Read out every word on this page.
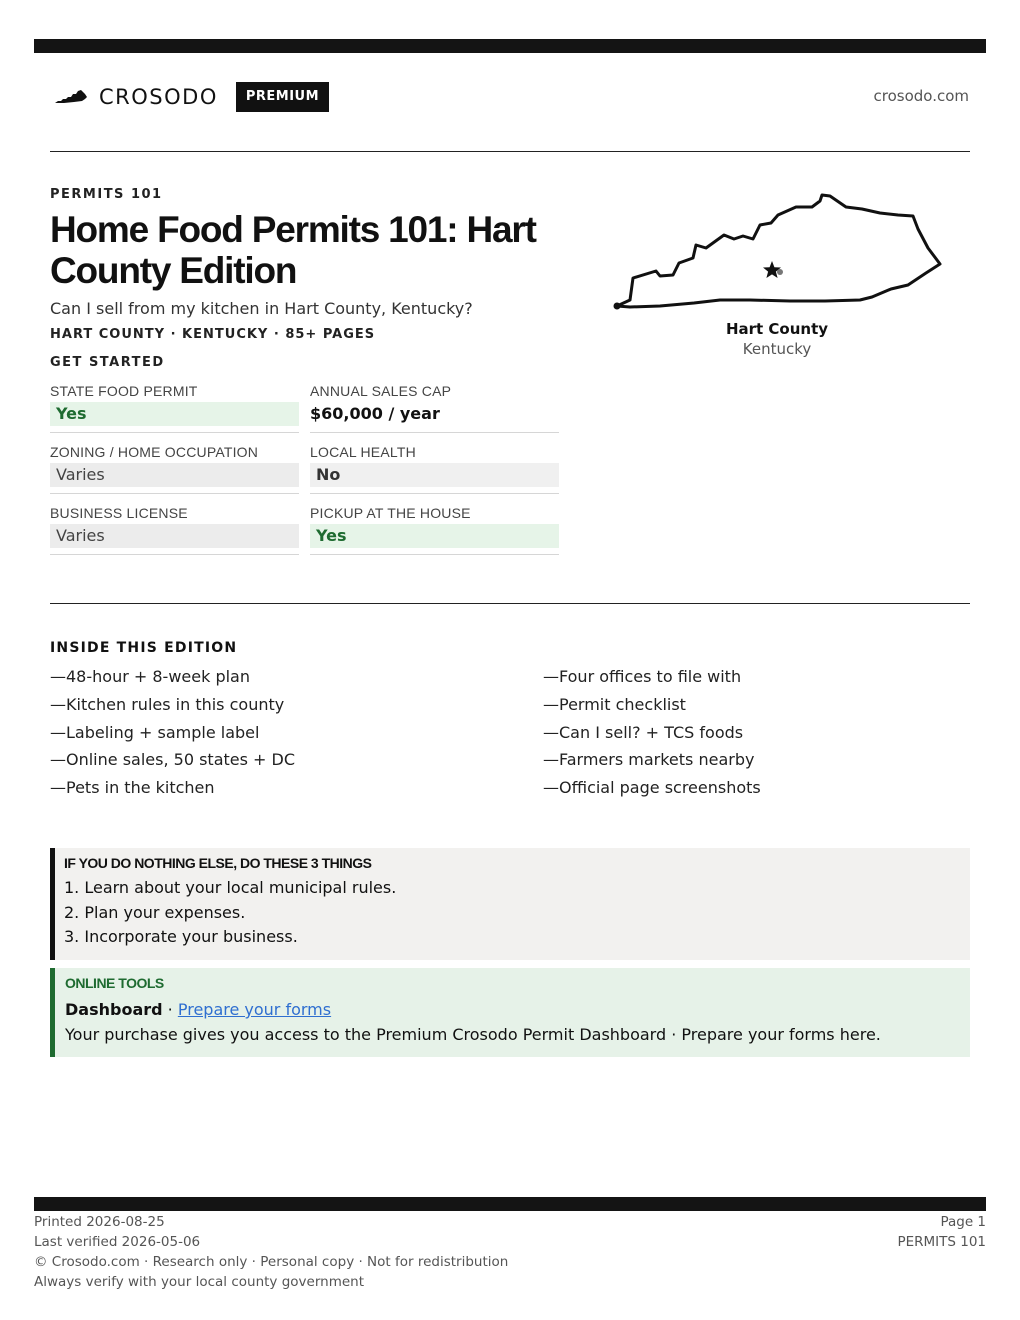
CROSODO	PREMIUM	crosodo.com
PERMITS 101
Home Food Permits 101: Hart County Edition
Can I sell from my kitchen in Hart County, Kentucky?
HART COUNTY · KENTUCKY · 85+ PAGES
GET STARTED
STATE FOOD PERMIT
Yes
ANNUAL SALES CAP
$60,000 / year
ZONING / HOME OCCUPATION
Varies
LOCAL HEALTH
No
BUSINESS LICENSE
Varies
PICKUP AT THE HOUSE
Yes
Hart County
Kentucky
INSIDE THIS EDITION
—48-hour + 8-week plan
—Kitchen rules in this county
—Labeling + sample label
—Online sales, 50 states + DC
—Pets in the kitchen
—Four offices to file with
—Permit checklist
—Can I sell? + TCS foods
—Farmers markets nearby
—Official page screenshots
IF YOU DO NOTHING ELSE, DO THESE 3 THINGS
1. Learn about your local municipal rules.
2. Plan your expenses.
3. Incorporate your business.
ONLINE TOOLS
Dashboard · Prepare your forms
Your purchase gives you access to the Premium Crosodo Permit Dashboard · Prepare your forms here.
Printed 2026-08-25
Last verified 2026-05-06
© Crosodo.com · Research only · Personal copy · Not for redistribution
Always verify with your local county government
Page 1
PERMITS 101
